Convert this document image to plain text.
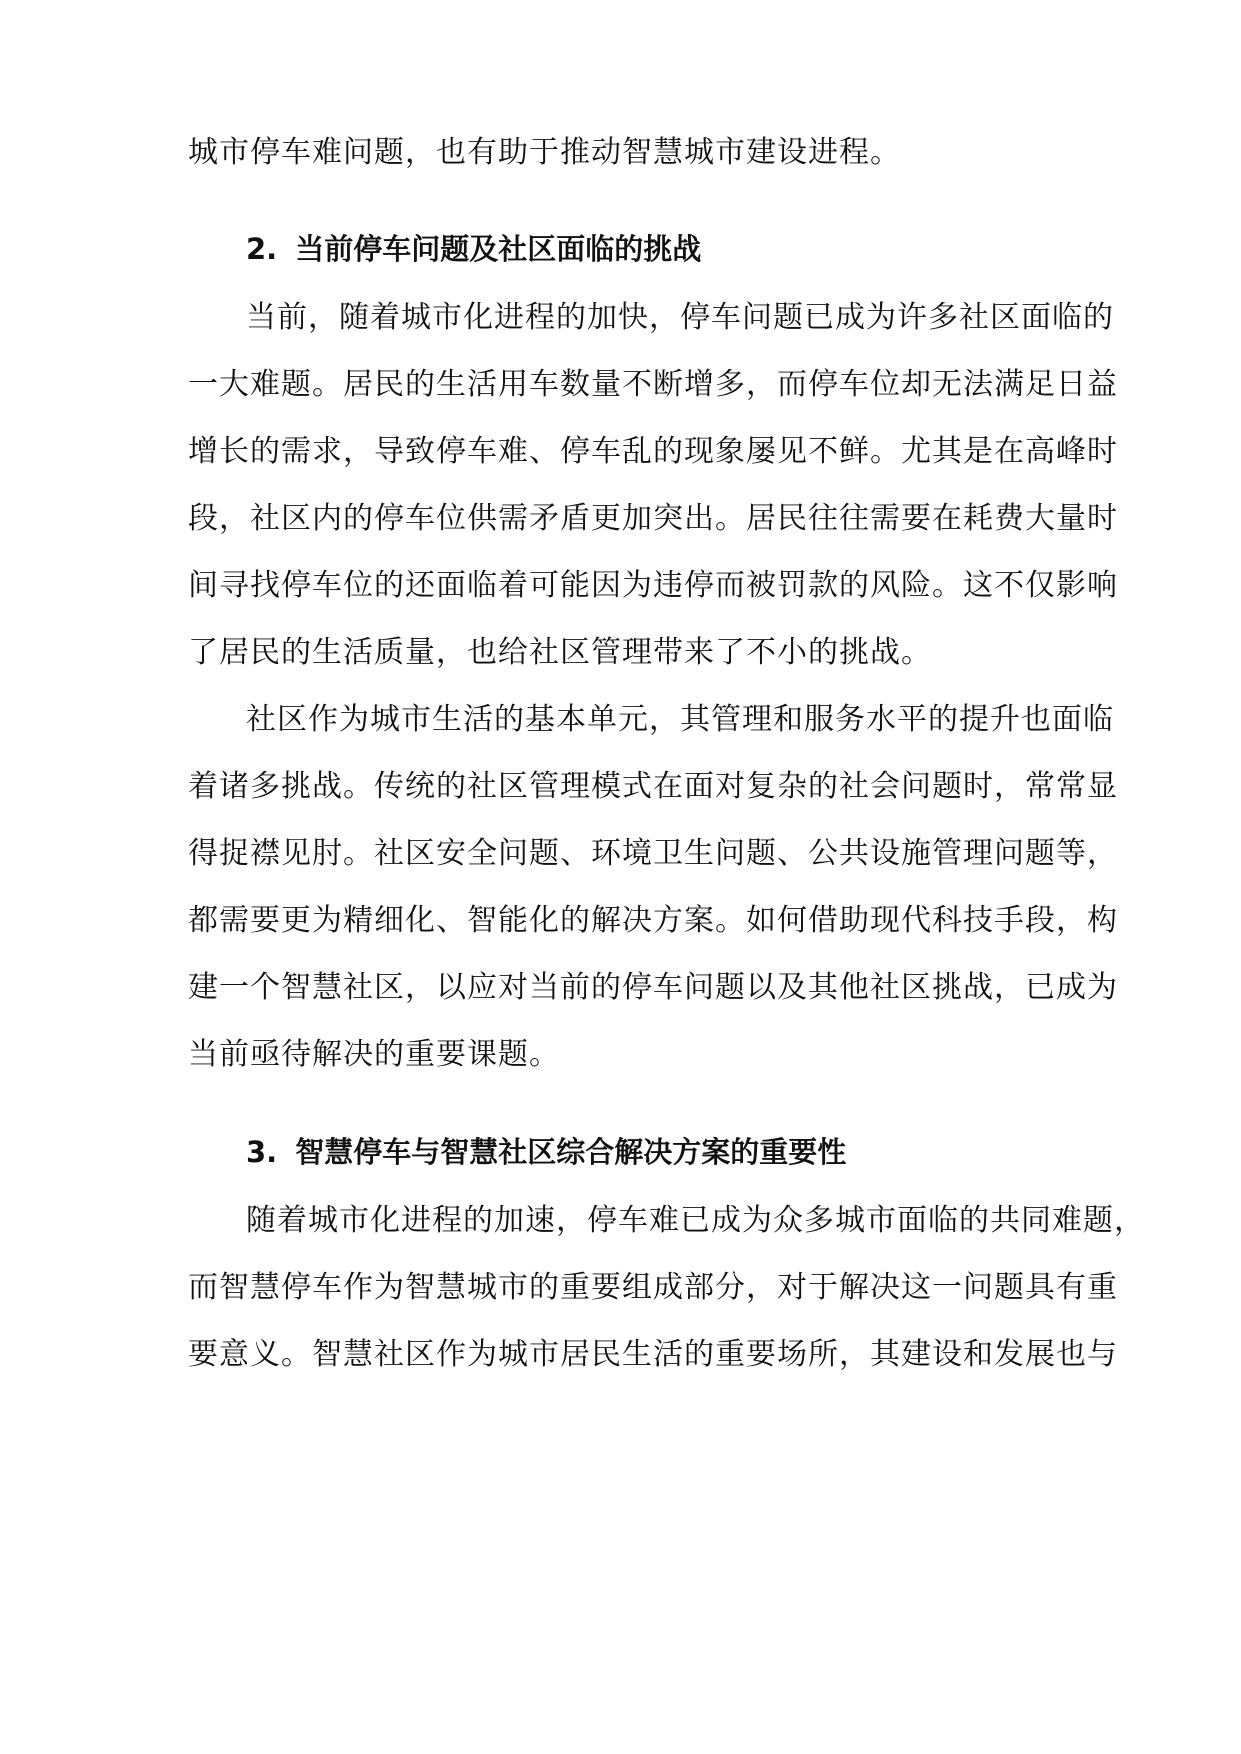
城市停车难问题，也有助于推动智慧城市建设进程。
2. 当前停车问题及社区面临的挑战
当前，随着城市化进程的加快，停车问题已成为许多社区面临的
一大难题。居民的生活用车数量不断增多，而停车位却无法满足日益
增长的需求，导致停车难、停车乱的现象屡见不鲜。尤其是在高峰时
段，社区内的停车位供需矛盾更加突出。居民往往需要在耗费大量时
间寻找停车位的还面临着可能因为违停而被罚款的风险。这不仅影响
了居民的生活质量，也给社区管理带来了不小的挑战。
社区作为城市生活的基本单元，其管理和服务水平的提升也面临
着诸多挑战。传统的社区管理模式在面对复杂的社会问题时，常常显
得捉襟见肘。社区安全问题、环境卫生问题、公共设施管理问题等，
都需要更为精细化、智能化的解决方案。如何借助现代科技手段，构
建一个智慧社区，以应对当前的停车问题以及其他社区挑战，已成为
当前亟待解决的重要课题。
3. 智慧停车与智慧社区综合解决方案的重要性
随着城市化进程的加速，停车难已成为众多城市面临的共同难题，
而智慧停车作为智慧城市的重要组成部分，对于解决这一问题具有重
要意义。智慧社区作为城市居民生活的重要场所，其建设和发展也与
